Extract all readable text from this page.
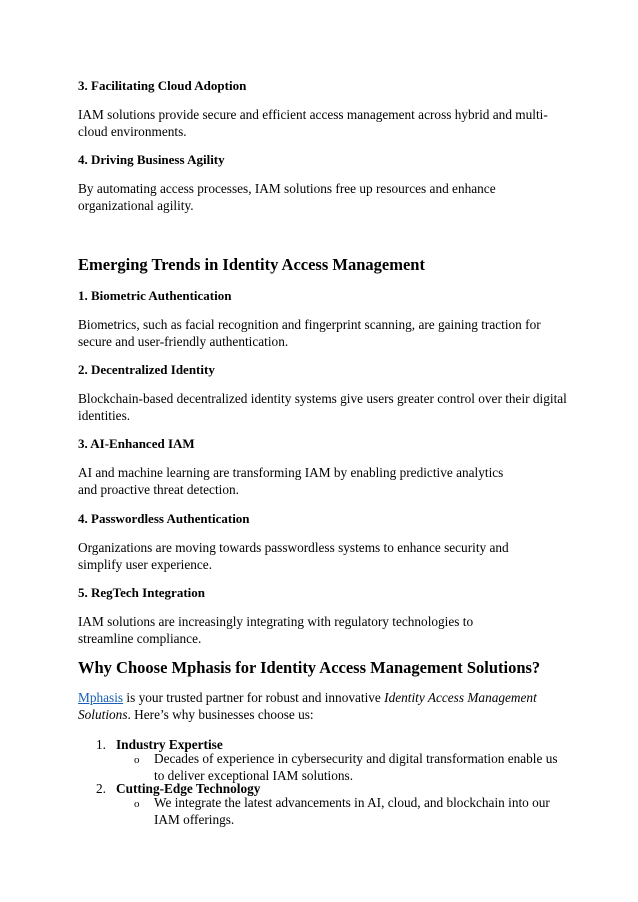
3. Facilitating Cloud Adoption

IAM solutions provide secure and efficient access management across hybrid and multi-cloud environments.

4. Driving Business Agility

By automating access processes, IAM solutions free up resources and enhance organizational agility.

Emerging Trends in Identity Access Management

1. Biometric Authentication

Biometrics, such as facial recognition and fingerprint scanning, are gaining traction for secure and user-friendly authentication.

2. Decentralized Identity

Blockchain-based decentralized identity systems give users greater control over their digital identities.

3. AI-Enhanced IAM

AI and machine learning are transforming IAM by enabling predictive analytics and proactive threat detection.

4. Passwordless Authentication

Organizations are moving towards passwordless systems to enhance security and simplify user experience.

5. RegTech Integration

IAM solutions are increasingly integrating with regulatory technologies to streamline compliance.

Why Choose Mphasis for Identity Access Management Solutions?

Mphasis is your trusted partner for robust and innovative Identity Access Management Solutions. Here’s why businesses choose us:

1. Industry Expertise
o Decades of experience in cybersecurity and digital transformation enable us to deliver exceptional IAM solutions.
2. Cutting-Edge Technology
o We integrate the latest advancements in AI, cloud, and blockchain into our IAM offerings.
